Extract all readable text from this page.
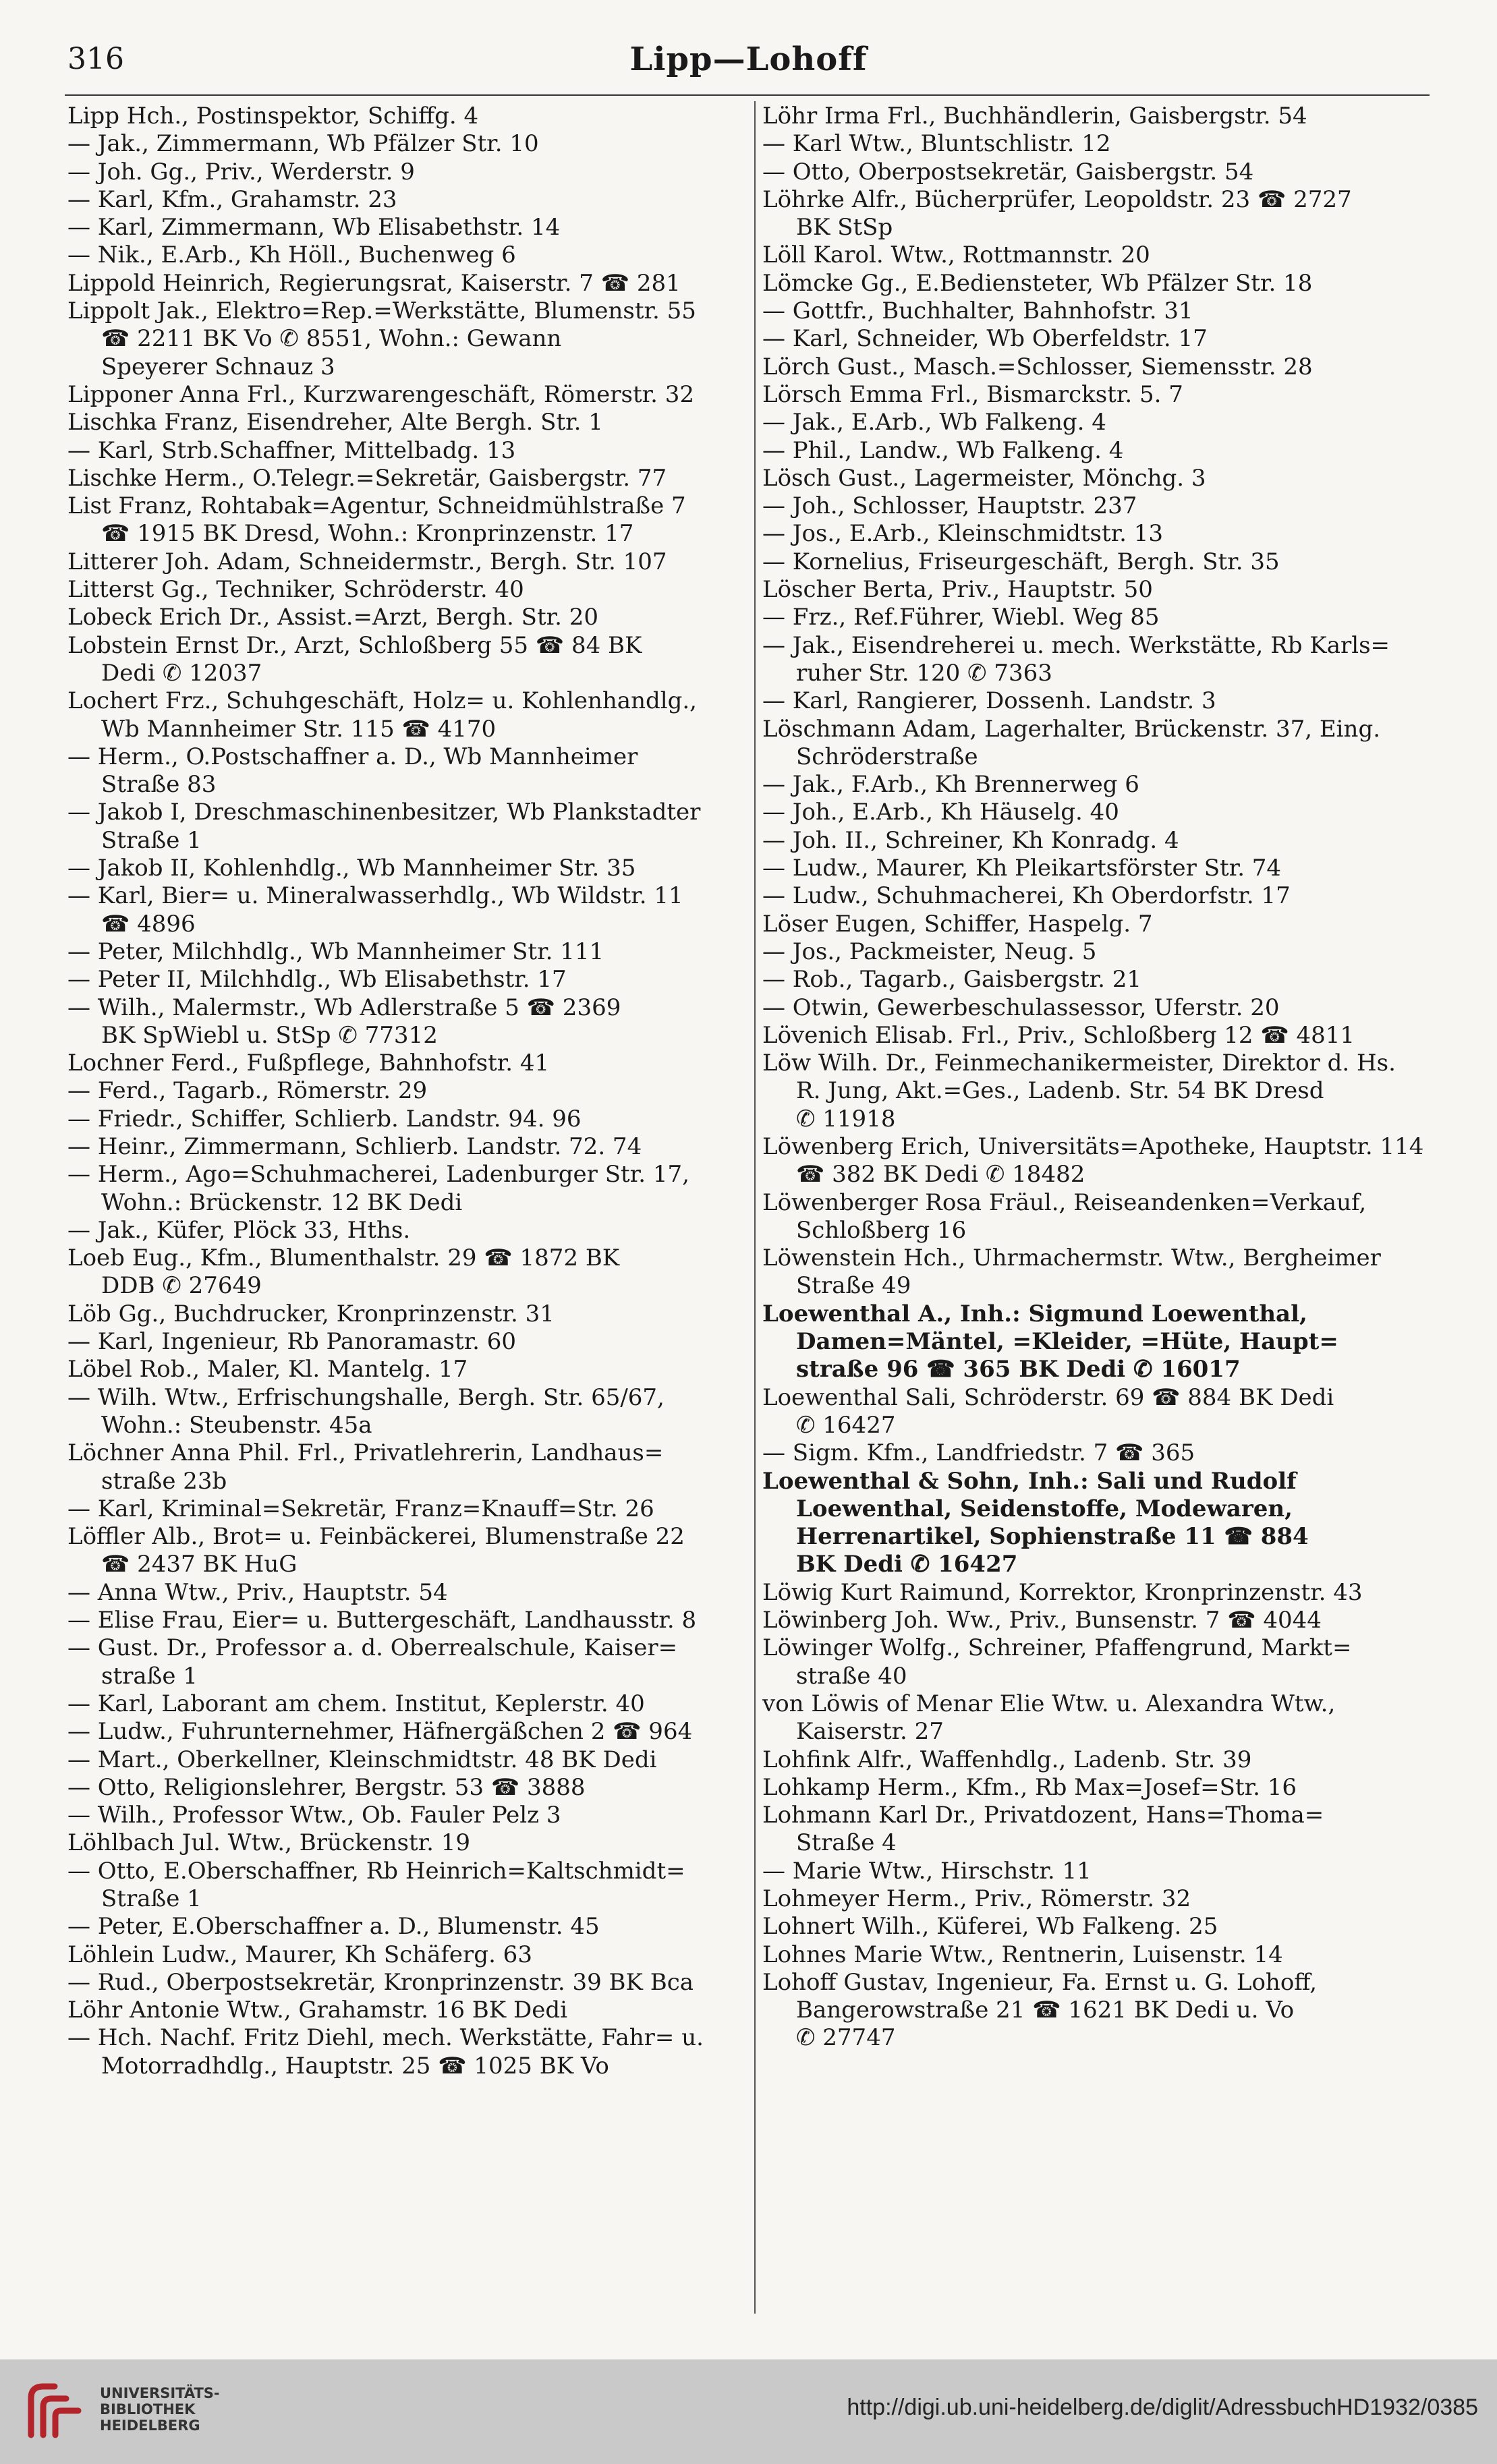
316	Lipp—Lohoff
Lipp Hch., Postinspektor, Schiffg. 4
— Jak., Zimmermann, Wb Pfälzer Str. 10
— Joh. Gg., Priv., Werderstr. 9
— Karl, Kfm., Grahamstr. 23
— Karl, Zimmermann, Wb Elisabethstr. 14
— Nik., E.Arb., Kh Höll., Buchenweg 6
Lippold Heinrich, Regierungsrat, Kaiserstr. 7 ☎ 281
Lippolt Jak., Elektro=Rep.=Werkstätte, Blumenstr. 55
☎ 2211 BK Vo ✆ 8551, Wohn.: Gewann
Speyerer Schnauz 3
Lipponer Anna Frl., Kurzwarengeschäft, Römerstr. 32
Lischka Franz, Eisendreher, Alte Bergh. Str. 1
— Karl, Strb.Schaffner, Mittelbadg. 13
Lischke Herm., O.Telegr.=Sekretär, Gaisbergstr. 77
List Franz, Rohtabak=Agentur, Schneidmühlstraße 7
☎ 1915 BK Dresd, Wohn.: Kronprinzenstr. 17
Litterer Joh. Adam, Schneidermstr., Bergh. Str. 107
Litterst Gg., Techniker, Schröderstr. 40
Lobeck Erich Dr., Assist.=Arzt, Bergh. Str. 20
Lobstein Ernst Dr., Arzt, Schloßberg 55 ☎ 84 BK
Dedi ✆ 12037
Lochert Frz., Schuhgeschäft, Holz= u. Kohlenhandlg.,
Wb Mannheimer Str. 115 ☎ 4170
— Herm., O.Postschaffner a. D., Wb Mannheimer
Straße 83
— Jakob I, Dreschmaschinenbesitzer, Wb Plankstadter
Straße 1
— Jakob II, Kohlenhdlg., Wb Mannheimer Str. 35
— Karl, Bier= u. Mineralwasserhdlg., Wb Wildstr. 11
☎ 4896
— Peter, Milchhdlg., Wb Mannheimer Str. 111
— Peter II, Milchhdlg., Wb Elisabethstr. 17
— Wilh., Malermstr., Wb Adlerstraße 5 ☎ 2369
BK SpWiebl u. StSp ✆ 77312
Lochner Ferd., Fußpflege, Bahnhofstr. 41
— Ferd., Tagarb., Römerstr. 29
— Friedr., Schiffer, Schlierb. Landstr. 94. 96
— Heinr., Zimmermann, Schlierb. Landstr. 72. 74
— Herm., Ago=Schuhmacherei, Ladenburger Str. 17,
Wohn.: Brückenstr. 12 BK Dedi
— Jak., Küfer, Plöck 33, Hths.
Loeb Eug., Kfm., Blumenthalstr. 29 ☎ 1872 BK
DDB ✆ 27649
Löb Gg., Buchdrucker, Kronprinzenstr. 31
— Karl, Ingenieur, Rb Panoramastr. 60
Löbel Rob., Maler, Kl. Mantelg. 17
— Wilh. Wtw., Erfrischungshalle, Bergh. Str. 65/67,
Wohn.: Steubenstr. 45a
Löchner Anna Phil. Frl., Privatlehrerin, Landhaus=
straße 23b
— Karl, Kriminal=Sekretär, Franz=Knauff=Str. 26
Löffler Alb., Brot= u. Feinbäckerei, Blumenstraße 22
☎ 2437 BK HuG
— Anna Wtw., Priv., Hauptstr. 54
— Elise Frau, Eier= u. Buttergeschäft, Landhausstr. 8
— Gust. Dr., Professor a. d. Oberrealschule, Kaiser=
straße 1
— Karl, Laborant am chem. Institut, Keplerstr. 40
— Ludw., Fuhrunternehmer, Häfnergäßchen 2 ☎ 964
— Mart., Oberkellner, Kleinschmidtstr. 48 BK Dedi
— Otto, Religionslehrer, Bergstr. 53 ☎ 3888
— Wilh., Professor Wtw., Ob. Fauler Pelz 3
Löhlbach Jul. Wtw., Brückenstr. 19
— Otto, E.Oberschaffner, Rb Heinrich=Kaltschmidt=
Straße 1
— Peter, E.Oberschaffner a. D., Blumenstr. 45
Löhlein Ludw., Maurer, Kh Schäferg. 63
— Rud., Oberpostsekretär, Kronprinzenstr. 39 BK Bca
Löhr Antonie Wtw., Grahamstr. 16 BK Dedi
— Hch. Nachf. Fritz Diehl, mech. Werkstätte, Fahr= u.
Motorradhdlg., Hauptstr. 25 ☎ 1025 BK Vo
Löhr Irma Frl., Buchhändlerin, Gaisbergstr. 54
— Karl Wtw., Bluntschlistr. 12
— Otto, Oberpostsekretär, Gaisbergstr. 54
Löhrke Alfr., Bücherprüfer, Leopoldstr. 23 ☎ 2727
BK StSp
Löll Karol. Wtw., Rottmannstr. 20
Lömcke Gg., E.Bediensteter, Wb Pfälzer Str. 18
— Gottfr., Buchhalter, Bahnhofstr. 31
— Karl, Schneider, Wb Oberfeldstr. 17
Lörch Gust., Masch.=Schlosser, Siemensstr. 28
Lörsch Emma Frl., Bismarckstr. 5. 7
— Jak., E.Arb., Wb Falkeng. 4
— Phil., Landw., Wb Falkeng. 4
Lösch Gust., Lagermeister, Mönchg. 3
— Joh., Schlosser, Hauptstr. 237
— Jos., E.Arb., Kleinschmidtstr. 13
— Kornelius, Friseurgeschäft, Bergh. Str. 35
Löscher Berta, Priv., Hauptstr. 50
— Frz., Ref.Führer, Wiebl. Weg 85
— Jak., Eisendreherei u. mech. Werkstätte, Rb Karls=
ruher Str. 120 ✆ 7363
— Karl, Rangierer, Dossenh. Landstr. 3
Löschmann Adam, Lagerhalter, Brückenstr. 37, Eing.
Schröderstraße
— Jak., F.Arb., Kh Brennerweg 6
— Joh., E.Arb., Kh Häuselg. 40
— Joh. II., Schreiner, Kh Konradg. 4
— Ludw., Maurer, Kh Pleikartsförster Str. 74
— Ludw., Schuhmacherei, Kh Oberdorfstr. 17
Löser Eugen, Schiffer, Haspelg. 7
— Jos., Packmeister, Neug. 5
— Rob., Tagarb., Gaisbergstr. 21
— Otwin, Gewerbeschulassessor, Uferstr. 20
Lövenich Elisab. Frl., Priv., Schloßberg 12 ☎ 4811
Löw Wilh. Dr., Feinmechanikermeister, Direktor d. Hs.
R. Jung, Akt.=Ges., Ladenb. Str. 54 BK Dresd
✆ 11918
Löwenberg Erich, Universitäts=Apotheke, Hauptstr. 114
☎ 382 BK Dedi ✆ 18482
Löwenberger Rosa Fräul., Reiseandenken=Verkauf,
Schloßberg 16
Löwenstein Hch., Uhrmachermstr. Wtw., Bergheimer
Straße 49
Loewenthal A., Inh.: Sigmund Loewenthal,
Damen=Mäntel, =Kleider, =Hüte, Haupt=
straße 96 ☎ 365 BK Dedi ✆ 16017
Loewenthal Sali, Schröderstr. 69 ☎ 884 BK Dedi
✆ 16427
— Sigm. Kfm., Landfriedstr. 7 ☎ 365
Loewenthal & Sohn, Inh.: Sali und Rudolf
Loewenthal, Seidenstoffe, Modewaren,
Herrenartikel, Sophienstraße 11 ☎ 884
BK Dedi ✆ 16427
Löwig Kurt Raimund, Korrektor, Kronprinzenstr. 43
Löwinberg Joh. Ww., Priv., Bunsenstr. 7 ☎ 4044
Löwinger Wolfg., Schreiner, Pfaffengrund, Markt=
straße 40
von Löwis of Menar Elie Wtw. u. Alexandra Wtw.,
Kaiserstr. 27
Lohfink Alfr., Waffenhdlg., Ladenb. Str. 39
Lohkamp Herm., Kfm., Rb Max=Josef=Str. 16
Lohmann Karl Dr., Privatdozent, Hans=Thoma=
Straße 4
— Marie Wtw., Hirschstr. 11
Lohmeyer Herm., Priv., Römerstr. 32
Lohnert Wilh., Küferei, Wb Falkeng. 25
Lohnes Marie Wtw., Rentnerin, Luisenstr. 14
Lohoff Gustav, Ingenieur, Fa. Ernst u. G. Lohoff,
Bangerowstraße 21 ☎ 1621 BK Dedi u. Vo
✆ 27747
UNIVERSITÄTS-
BIBLIOTHEK
HEIDELBERG
http://digi.ub.uni-heidelberg.de/diglit/AdressbuchHD1932/0385
